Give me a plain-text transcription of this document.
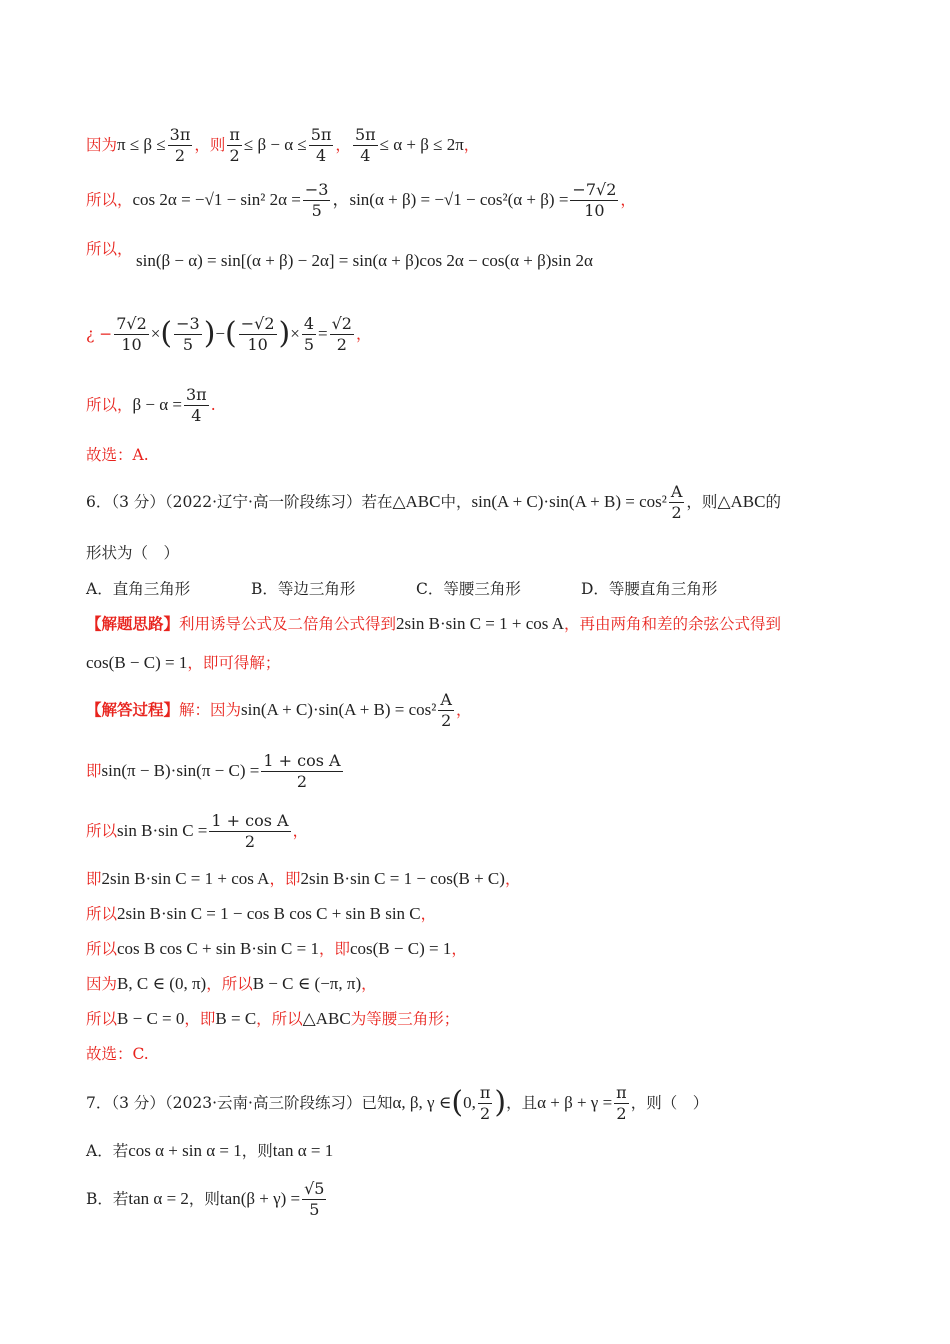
因为 $\pi \le \beta \le \frac{3\pi}{2}$ ，则 $\frac{\pi}{2} \le \beta - \alpha \le \frac{5\pi}{4}$ ， $\frac{5\pi}{4} \le \alpha + \beta \le 2\pi$ ，
所以， cos 2α = −√1 − sin² $2\alpha = \frac{-3}{5}$ ，$\sin(\alpha + \beta) = -√1 - \cos^2(\alpha + \beta) = \frac{-7√2}{10}$ ，
所以，
sin(β − α) = sin[(α + β) − 2α] = sin(α + β)cos 2α − cos(α + β)sin 2α
¿ − $\frac{7√2}{10}$ × ( $\frac{-3}{5}$ ) − ( $\frac{-√2}{10}$ ) × $\frac{4}{5} = \frac{√2}{2}$ ，
所以， $\beta - \alpha = \frac{3\pi}{4}$ .
故选：A.
6．（3 分）（2022·辽宁·高一阶段练习）若在 △ABC 中， $\sin(A + C)\cdot\sin(A + B) = \cos^2 \frac{A}{2}$ ，则 △ABC 的
形状为（　）
A．直角三角形	B．等边三角形	C．等腰三角形	D．等腰直角三角形
【解题思路】 利用诱导公式及二倍角公式得到 2sin B·sin C = 1 + cos A ，再由两角和差的余弦公式得到
cos(B − C) = 1 ，即可得解；
【解答过程】 解：因为 $\sin(A + C)\cdot\sin(A + B) = \cos^2 \frac{A}{2}$ ，
即 $\sin(\pi - B)\cdot\sin(\pi - C) = \frac{\text{1 + cos A}}{2}$
所以 sin B·sin $C = \frac{\text{1 + cos A}}{2}$ ，
即 2sin B·sin C = 1 + cos A ，即 2sin B·sin C = 1 − cos(B + C) ，
所以 2sin B·sin C = 1 − cos B cos C + sin B sin C ，
所以 cos B cos C + sin B·sin C = 1 ，即 cos(B − C) = 1 ，
因为 B, C ∈ (0, π) ，所以 B − C ∈ (−π, π) ，
所以 B − C = 0 ，即 B = C ，所以 △ABC 为等腰三角形；
故选：C.
7．（3 分）（2023·云南·高三阶段练习）已知 α, β, γ ∈ ( 0, $\frac{\pi}{2}$ ) ，且 $\alpha + \beta + \gamma = \frac{\pi}{2}$ ，则（　）
A．若 cos α + sin α = 1 ，则 tan α = 1
B．若 tan α = 2 ，则 $\tan(\beta + \gamma) = \frac{√5}{5}$
